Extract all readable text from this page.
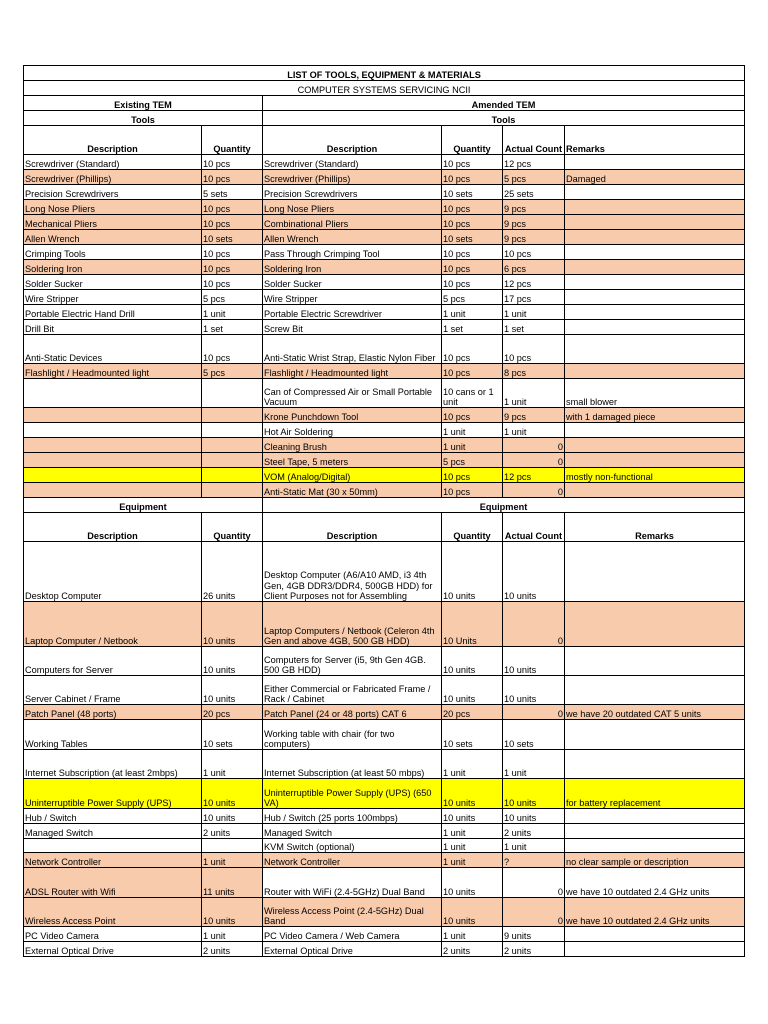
LIST OF TOOLS, EQUIPMENT & MATERIALS					
COMPUTER SYSTEMS SERVICING NCII					
Existing TEM		Amended TEM			
Tools		Tools			
Description	Quantity	Description	Quantity	Actual Count	Remarks
Screwdriver (Standard)	10 pcs	Screwdriver (Standard)	10 pcs	12 pcs	
Screwdriver (Phillips)	10 pcs	Screwdriver (Phillips)	10 pcs	5 pcs	Damaged
Precision Screwdrivers	5 sets	Precision Screwdrivers	10 sets	25 sets	
Long Nose Pliers	10 pcs	Long Nose Pliers	10 pcs	9 pcs	
Mechanical Pliers	10 pcs	Combinational Pliers	10 pcs	9 pcs	
Allen Wrench	10 sets	Allen Wrench	10 sets	9 pcs	
Crimping Tools	10 pcs	Pass Through Crimping Tool	10 pcs	10 pcs	
Soldering Iron	10 pcs	Soldering Iron	10 pcs	6 pcs	
Solder Sucker	10 pcs	Solder Sucker	10 pcs	12 pcs	
Wire Stripper	5 pcs	Wire Stripper	5 pcs	17 pcs	
Portable Electric Hand Drill	1 unit	Portable Electric Screwdriver	1 unit	1 unit	
Drill Bit	1 set	Screw Bit	1 set	1 set	
Anti-Static Devices	10 pcs	Anti-Static Wrist Strap, Elastic Nylon Fiber	10 pcs	10 pcs	
Flashlight / Headmounted light	5 pcs	Flashlight / Headmounted light	10 pcs	8 pcs	
		Can of Compressed Air or Small Portable Vacuum	10 cans or 1 unit	1 unit	small blower
		Krone Punchdown Tool	10 pcs	9 pcs	with 1 damaged piece
		Hot Air Soldering	1 unit	1 unit	
		Cleaning Brush	1 unit	0	
		Steel Tape, 5 meters	5 pcs	0	
		VOM (Analog/Digital)	10 pcs	12 pcs	mostly non-functional
		Anti-Static Mat (30 x 50mm)	10 pcs	0	
Equipment		Equipment			
Description	Quantity	Description	Quantity	Actual Count	Remarks
Desktop Computer	26 units	Desktop Computer (A6/A10 AMD, i3 4th Gen, 4GB DDR3/DDR4, 500GB HDD) for Client Purposes not for Assembling	10 units	10 units	
Laptop Computer / Netbook	10 units	Laptop Computers / Netbook (Celeron 4th Gen and above 4GB, 500 GB HDD)	10 Units	0	
Computers for Server	10 units	Computers for Server (i5, 9th Gen 4GB. 500 GB HDD)	10 units	10 units	
Server Cabinet / Frame	10 units	Either Commercial or Fabricated Frame / Rack / Cabinet	10 units	10 units	
Patch Panel (48 ports)	20 pcs	Patch Panel (24 or 48 ports) CAT 6	20 pcs	0	we have 20 outdated CAT 5 units
Working Tables	10 sets	Working table with chair (for two computers)	10 sets	10 sets	
Internet Subscription (at least 2mbps)	1 unit	Internet Subscription (at least 50 mbps)	1 unit	1 unit	
Uninterruptible Power Supply (UPS)	10 units	Uninterruptible Power Supply (UPS) (650 VA)	10 units	10 units	for battery replacement
Hub / Switch	10 units	Hub / Switch (25 ports 100mbps)	10 units	10 units	
Managed Switch	2 units	Managed Switch	1 unit	2 units	
		KVM Switch (optional)	1 unit	1 unit	
Network Controller	1 unit	Network Controller	1 unit	?	no clear sample or description
ADSL Router with Wifi	11 units	Router with WiFi (2.4-5GHz) Dual Band	10 units	0	we have 10 outdated 2.4 GHz units
Wireless Access Point	10 units	Wireless Access Point (2.4-5GHz) Dual Band	10 units	0	we have 10 outdated 2.4 GHz units
PC Video Camera	1 unit	PC Video Camera / Web Camera	1 unit	9 units	
External Optical Drive	2 units	External Optical Drive	2 units	2 units	
